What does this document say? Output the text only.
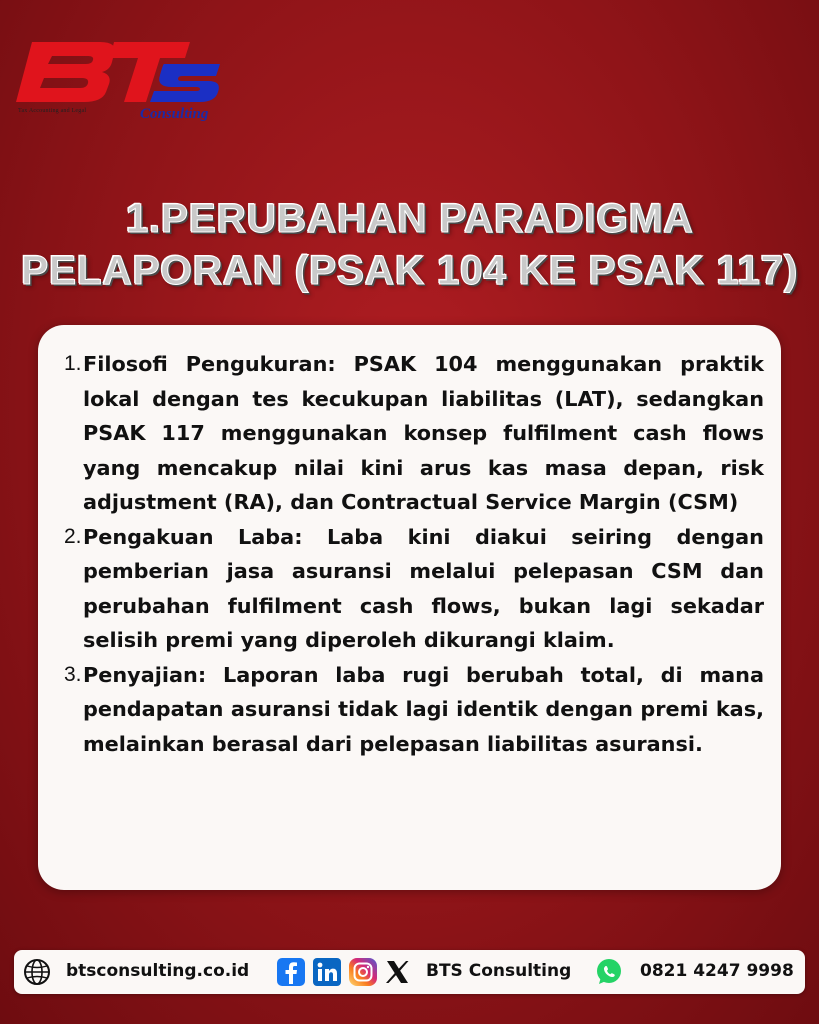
Tax Accounting and Legal	Consulting
1.PERUBAHAN PARADIGMA
PELAPORAN (PSAK 104 KE PSAK 117)
1. Filosofi Pengukuran: PSAK 104 menggunakan praktik lokal dengan tes kecukupan liabilitas (LAT), sedangkan PSAK 117 menggunakan konsep fulfilment cash flows yang mencakup nilai kini arus kas masa depan, risk adjustment (RA), dan Contractual Service Margin (CSM)
2. Pengakuan Laba: Laba kini diakui seiring dengan pemberian jasa asuransi melalui pelepasan CSM dan perubahan fulfilment cash flows, bukan lagi sekadar selisih premi yang diperoleh dikurangi klaim.
3. Penyajian: Laporan laba rugi berubah total, di mana pendapatan asuransi tidak lagi identik dengan premi kas, melainkan berasal dari pelepasan liabilitas asuransi.
btsconsulting.co.id	BTS Consulting	0821 4247 9998
